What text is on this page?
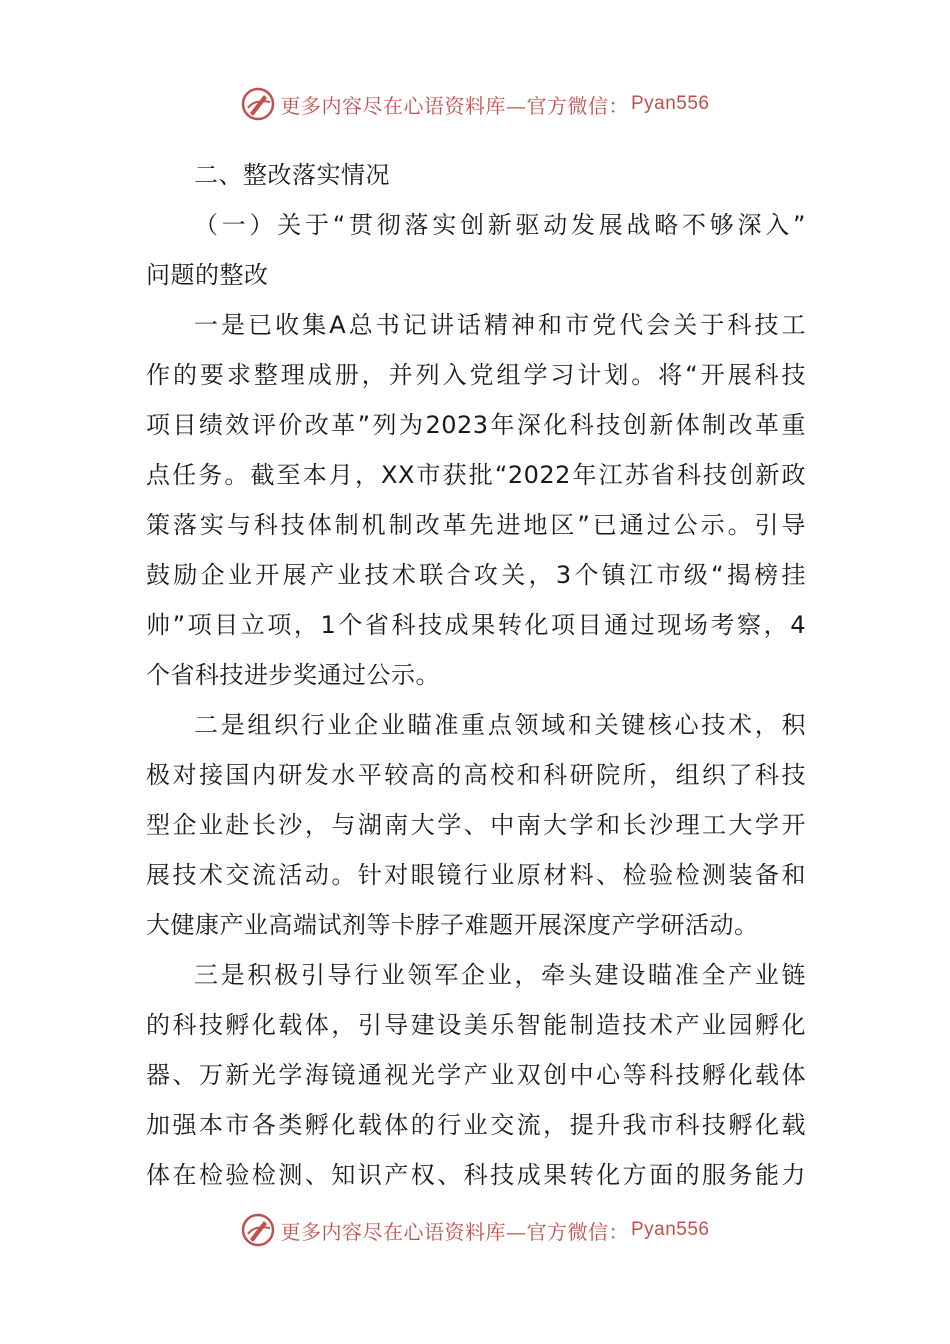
更多内容尽在心语资料库—官方微信： Pyan556
二、整改落实情况
（一）关于“贯彻落实创新驱动发展战略不够深入”
问题的整改
一是已收集A总书记讲话精神和市党代会关于科技工
作的要求整理成册，并列入党组学习计划。将“开展科技
项目绩效评价改革”列为2023年深化科技创新体制改革重
点任务。截至本月，XX市获批“2022年江苏省科技创新政
策落实与科技体制机制改革先进地区”已通过公示。引导
鼓励企业开展产业技术联合攻关，3个镇江市级“揭榜挂
帅”项目立项，1个省科技成果转化项目通过现场考察，4
个省科技进步奖通过公示。
二是组织行业企业瞄准重点领域和关键核心技术，积
极对接国内研发水平较高的高校和科研院所，组织了科技
型企业赴长沙，与湖南大学、中南大学和长沙理工大学开
展技术交流活动。针对眼镜行业原材料、检验检测装备和
大健康产业高端试剂等卡脖子难题开展深度产学研活动。
三是积极引导行业领军企业，牵头建设瞄准全产业链
的科技孵化载体，引导建设美乐智能制造技术产业园孵化
器、万新光学海镜通视光学产业双创中心等科技孵化载体
加强本市各类孵化载体的行业交流，提升我市科技孵化载
体在检验检测、知识产权、科技成果转化方面的服务能力
更多内容尽在心语资料库—官方微信： Pyan556
